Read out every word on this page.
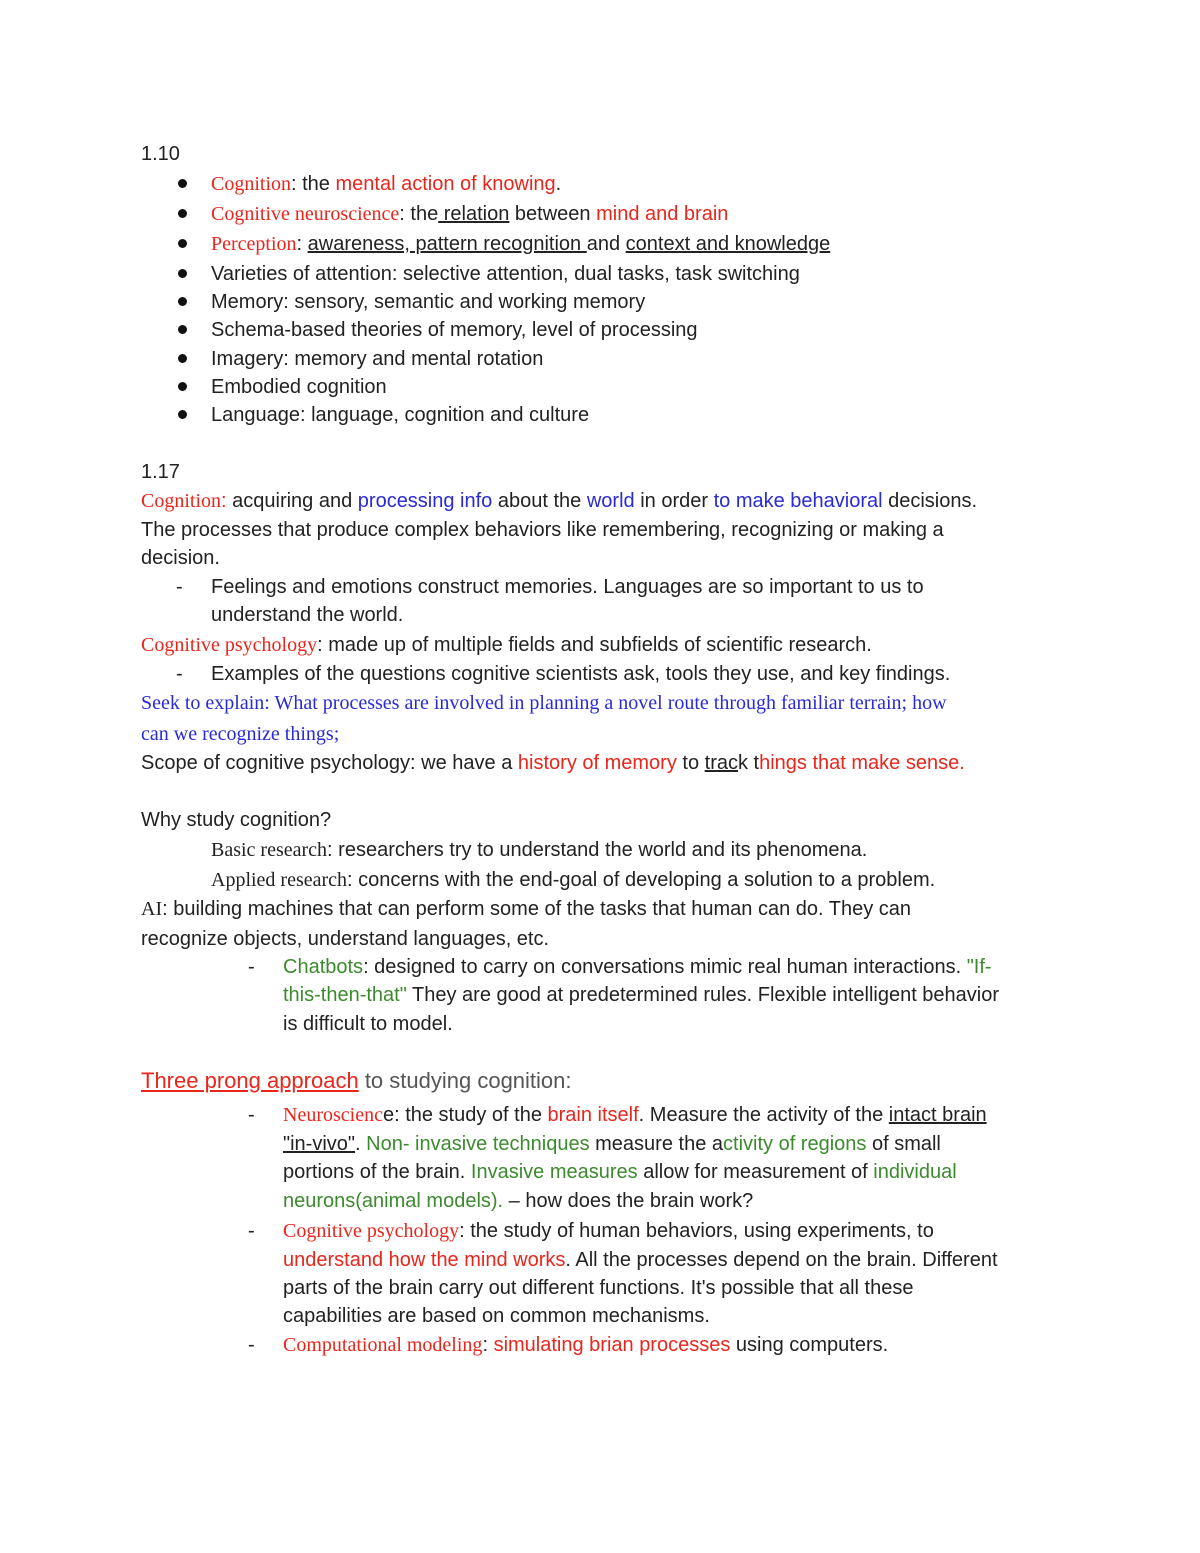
1.10
Cognition: the mental action of knowing.
Cognitive neuroscience: the relation between mind and brain
Perception: awareness, pattern recognition and context and knowledge
Varieties of attention: selective attention, dual tasks, task switching
Memory: sensory, semantic and working memory
Schema-based theories of memory, level of processing
Imagery: memory and mental rotation
Embodied cognition
Language: language, cognition and culture
1.17
Cognition: acquiring and processing info about the world in order to make behavioral decisions.
The processes that produce complex behaviors like remembering, recognizing or making a
decision.
- Feelings and emotions construct memories. Languages are so important to us to
understand the world.
Cognitive psychology: made up of multiple fields and subfields of scientific research.
- Examples of the questions cognitive scientists ask, tools they use, and key findings.
Seek to explain: What processes are involved in planning a novel route through familiar terrain; how
can we recognize things;
Scope of cognitive psychology: we have a history of memory to track things that make sense.
Why study cognition?
Basic research: researchers try to understand the world and its phenomena.
Applied research: concerns with the end-goal of developing a solution to a problem.
AI: building machines that can perform some of the tasks that human can do. They can
recognize objects, understand languages, etc.
- Chatbots: designed to carry on conversations mimic real human interactions. "If-
this-then-that" They are good at predetermined rules. Flexible intelligent behavior
is difficult to model.
Three prong approach to studying cognition:
- Neuroscience: the study of the brain itself. Measure the activity of the intact brain
"in-vivo". Non- invasive techniques measure the activity of regions of small
portions of the brain. Invasive measures allow for measurement of individual
neurons(animal models). – how does the brain work?
- Cognitive psychology: the study of human behaviors, using experiments, to
understand how the mind works. All the processes depend on the brain. Different
parts of the brain carry out different functions. It's possible that all these
capabilities are based on common mechanisms.
- Computational modeling: simulating brian processes using computers.
